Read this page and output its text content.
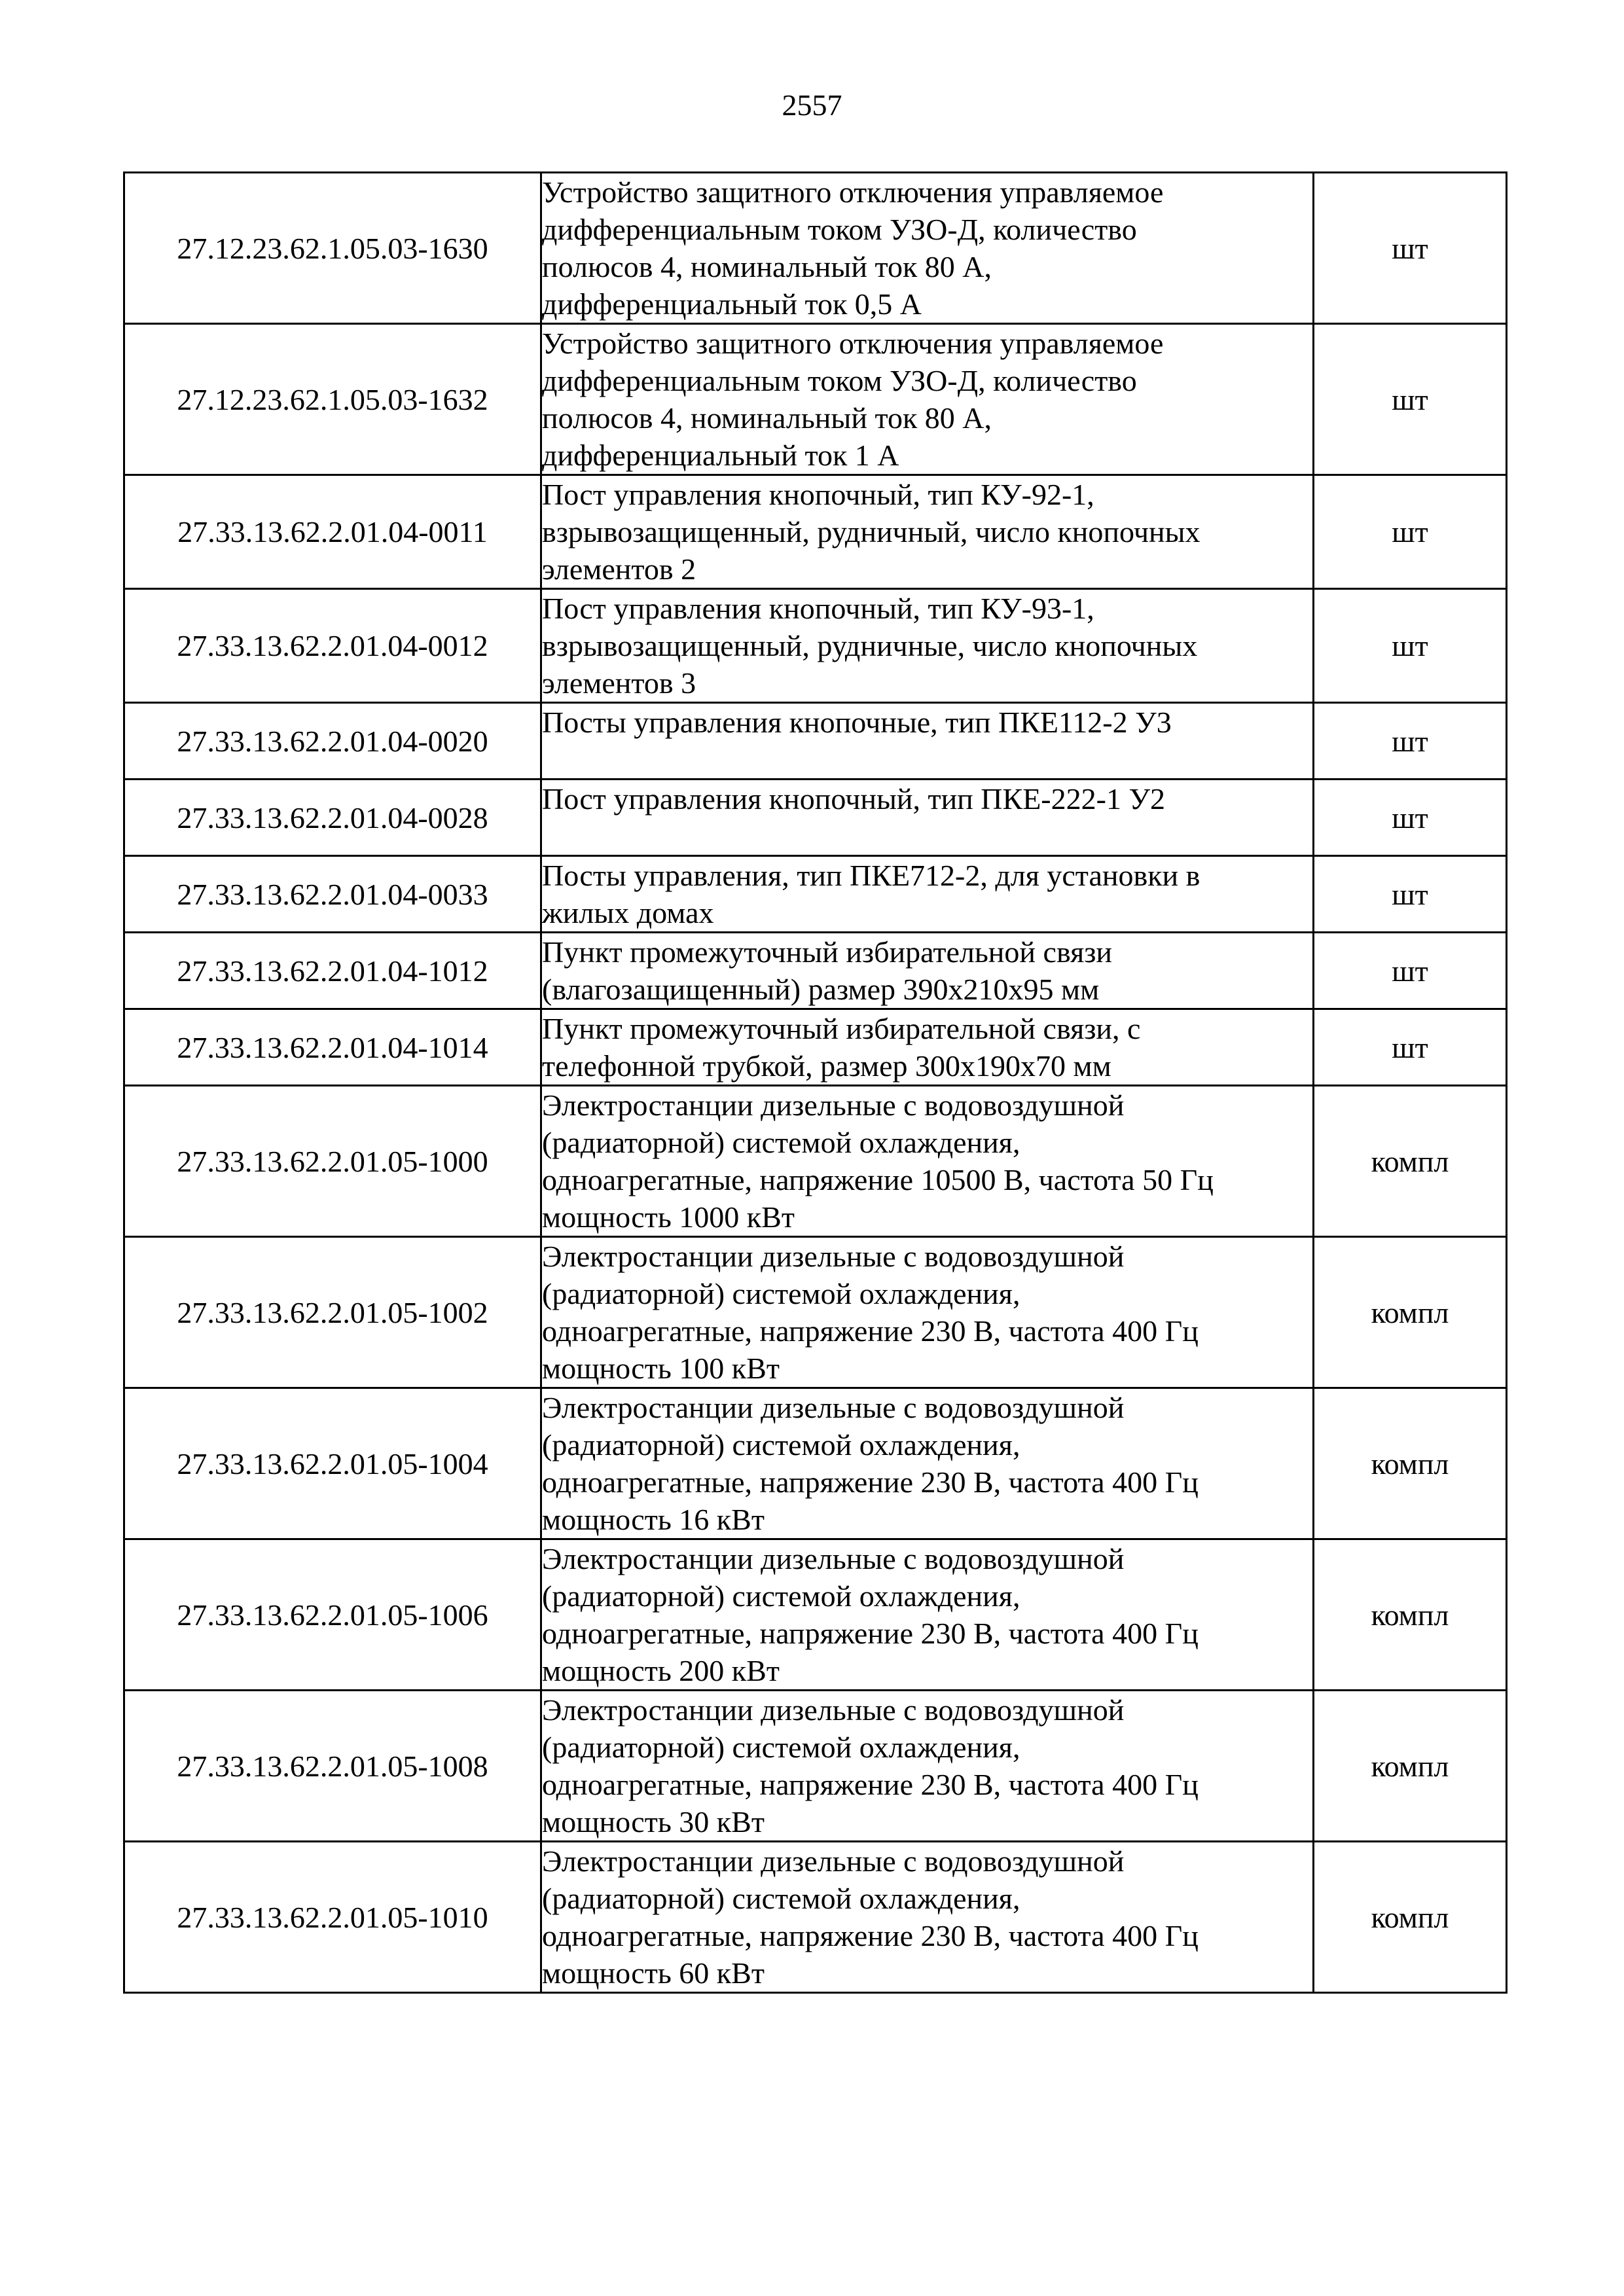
2557
27.12.23.62.1.05.03-1630	Устройство защитного отключения управляемое
дифференциальным током УЗО-Д, количество
полюсов 4, номинальный ток 80 А,
дифференциальный ток 0,5 А	шт
27.12.23.62.1.05.03-1632	Устройство защитного отключения управляемое
дифференциальным током УЗО-Д, количество
полюсов 4, номинальный ток 80 А,
дифференциальный ток 1 А	шт
27.33.13.62.2.01.04-0011	Пост управления кнопочный, тип КУ-92-1,
взрывозащищенный, рудничный, число кнопочных
элементов 2	шт
27.33.13.62.2.01.04-0012	Пост управления кнопочный, тип КУ-93-1,
взрывозащищенный, рудничные, число кнопочных
элементов 3	шт
27.33.13.62.2.01.04-0020	Посты управления кнопочные, тип ПКЕ112-2 У3	шт
27.33.13.62.2.01.04-0028	Пост управления кнопочный, тип ПКЕ-222-1 У2	шт
27.33.13.62.2.01.04-0033	Посты управления, тип ПКЕ712-2, для установки в
жилых домах	шт
27.33.13.62.2.01.04-1012	Пункт промежуточный избирательной связи
(влагозащищенный) размер 390х210х95 мм	шт
27.33.13.62.2.01.04-1014	Пункт промежуточный избирательной связи, с
телефонной трубкой, размер 300х190х70 мм	шт
27.33.13.62.2.01.05-1000	Электростанции дизельные с водовоздушной
(радиаторной) системой охлаждения,
одноагрегатные, напряжение 10500 В, частота 50 Гц
мощность 1000 кВт	компл
27.33.13.62.2.01.05-1002	Электростанции дизельные с водовоздушной
(радиаторной) системой охлаждения,
одноагрегатные, напряжение 230 В, частота 400 Гц
мощность 100 кВт	компл
27.33.13.62.2.01.05-1004	Электростанции дизельные с водовоздушной
(радиаторной) системой охлаждения,
одноагрегатные, напряжение 230 В, частота 400 Гц
мощность 16 кВт	компл
27.33.13.62.2.01.05-1006	Электростанции дизельные с водовоздушной
(радиаторной) системой охлаждения,
одноагрегатные, напряжение 230 В, частота 400 Гц
мощность 200 кВт	компл
27.33.13.62.2.01.05-1008	Электростанции дизельные с водовоздушной
(радиаторной) системой охлаждения,
одноагрегатные, напряжение 230 В, частота 400 Гц
мощность 30 кВт	компл
27.33.13.62.2.01.05-1010	Электростанции дизельные с водовоздушной
(радиаторной) системой охлаждения,
одноагрегатные, напряжение 230 В, частота 400 Гц
мощность 60 кВт	компл
